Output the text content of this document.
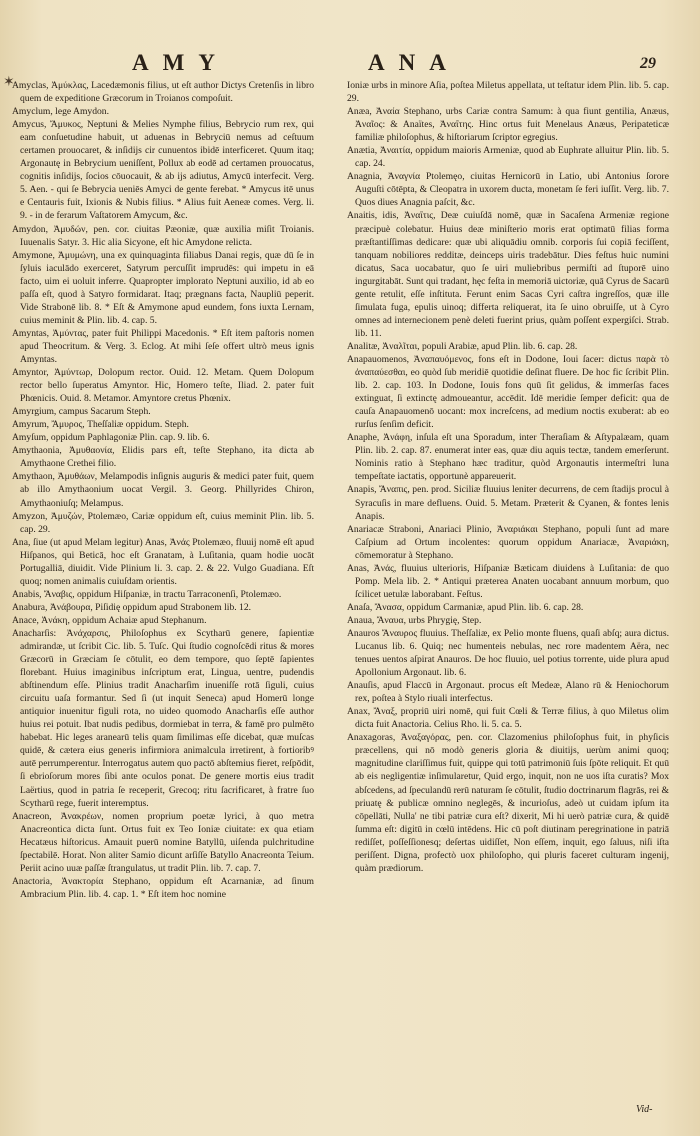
✶
AMY	ANA	29

Amyclas, Ἀμύκλας, Lacedæmonis filius, ut eſt author Dictys Cretenſis in libro quem de expeditione Græcorum in Troianos compoſuit.

Amyclum, lege Amydon.

Amycus, Ἄμυκος, Neptuni & Melies Nymphe filius, Bebrycio rum rex, qui eam conſuetudine habuit, ut aduenas in Bebryciū nemus ad ceſtuum certamen prouocaret, & inſidijs cir cunuentos ibidē interficeret. Quum itaq; Argonautę in Bebrycium ueniſſent, Pollux ab eodē ad certamen prouocatus, cognitis inſidijs, ſocios cōuocauit, & ab ijs adiutus, Amycū interfecit. Verg. 5. Aen. - qui ſe Bebrycia ueniēs Amyci de gente ferebat. * Amycus itē unus e Centauris fuit, Ixionis & Nubis filius. * Alius fuit Aeneæ comes. Verg. li. 9. - in de ferarum Vaſtatorem Amycum, &c.

Amydon, Ἀμυδών, pen. cor. ciuitas Pæoniæ, quæ auxilia miſit Troianis. Iuuenalis Satyr. 3. Hic alia Sicyone, eſt hic Amydone relicta.

Amymone, Ἀμυμώνη, una ex quinquaginta filiabus Danai regis, quæ dū ſe in ſyluis iaculādo exerceret, Satyrum percuſſit imprudēs: qui impetu in eā facto, uim ei uoluit inferre. Quapropter implorato Neptuni auxilio, id ab eo paſſa eſt, quod à Satyro formidarat. Itaq; prægnans facta, Naupliū peperit. Vide Strabonē lib. 8. * Eſt & Amymone apud eundem, fons iuxta Lernam, cuius meminit & Plin. lib. 4. cap. 5.

Amyntas, Ἀμύντας, pater fuit Philippi Macedonis. * Eſt item paſtoris nomen apud Theocritum. & Verg. 3. Eclog. At mihi ſeſe offert ultrò meus ignis Amyntas.

Amyntor, Ἀμύντωρ, Dolopum rector. Ouid. 12. Metam. Quem Dolopum rector bello ſuperatus Amyntor. Hic, Homero teſte, Iliad. 2. pater fuit Phœnicis. Ouid. 8. Metamor. Amyntore cretus Phœnix.

Amyrgium, campus Sacarum Steph.

Amyrum, Ἄμυρος, Theſſaliæ oppidum. Steph.

Amyſum, oppidum Paphlagoniæ Plin. cap. 9. lib. 6.

Amythaonia, Ἀμυθαονία, Elidis pars eſt, teſte Stephano, ita dicta ab Amythaone Crethei filio.

Amythaon, Ἀμυθάων, Melampodis inſignis auguris & medici pater fuit, quem ab illo Amythaonium uocat Vergil. 3. Georg. Phillyrides Chiron, Amythaoniuſq; Melampus.

Amyzon, Ἀμυζών, Ptolemæo, Cariæ oppidum eſt, cuius meminit Plin. lib. 5. cap. 29.

Ana, ſiue (ut apud Melam legitur) Anas, Ἀνάς Ptolemæo, fluuij nomē eſt apud Hiſpanos, qui Beticā, hoc eſt Granatam, à Luſitania, quam hodie uocāt Portugalliā, diuidit. Vide Plinium li. 3. cap. 2. & 22. Vulgo Guadiana. Eſt quoq; nomen animalis cuiuſdam orientis.

Anabis, Ἄναβις, oppidum Hiſpaniæ, in tractu Tarraconenſi, Ptolemæo.

Anabura, Ἀνάβουρα, Piſidię oppidum apud Strabonem lib. 12.

Anace, Ἀνάκη, oppidum Achaiæ apud Stephanum.

Anacharſis: Ἀνάχαρσις, Philoſophus ex Scytharū genere, ſapientiæ admirandæ, ut ſcribit Cic. lib. 5. Tuſc. Qui ſtudio cognoſcēdi ritus & mores Græcorū in Græciam ſe cōtulit, eo dem tempore, quo ſeptē ſapientes florebant. Huius imaginibus inſcriptum erat, Lingua, uentre, pudendis abſtinendum eſſe. Plinius tradit Anacharſim inueniſſe rotā ſiguli, cuius circuitu uaſa formantur. Sed ſi (ut inquit Seneca) apud Homerū longe antiquior inuenitur figuli rota, no uideo quomodo Anacharſis eſſe author huius rei potuit. Ibat nudis pedibus, dormiebat in terra, & famē pro pulmēto habebat. Hic leges aranearū telis quam ſimilimas eſſe dicebat, quæ muſcas quidē, & cætera eius generis infirmiora animalcula irretirent, à fortioribꝰ autē perrumperentur. Interrogatus autem quo pactō abſtemius fieret, reſpōdit, ſi ebrioſorum mores ſibi ante oculos ponat. De genere mortis eius tradit Laërtius, quod in patria ſe receperit, Grecoq; ritu ſacrificaret, à fratre ſuo Scytharū rege, fuerit interemptus.

Anacreon, Ἀνακρέων, nomen proprium poetæ lyrici, à quo metra Anacreontica dicta ſunt. Ortus fuit ex Teo Ioniæ ciuitate: ex qua etiam Hecatæus hiſtoricus. Amauit puerū nomine Batyllū, uiſenda pulchritudine ſpectabilē. Horat. Non aliter Samio dicunt arſiſſe Batyllo Anacreonta Teium. Periit acino uuæ paſſæ ſtrangulatus, ut tradit Plin. lib. 7. cap. 7.

Anactoria, Ἀνακτορία Stephano, oppidum eſt Acarnaniæ, ad ſinum Ambracium Plin. lib. 4. cap. 1. * Eſt item hoc nomine

Ioniæ urbs in minore Aſia, poſtea Miletus appellata, ut teſtatur idem Plin. lib. 5. cap. 29.

Anæa, Ἀναία Stephano, urbs Cariæ contra Samum: à qua fiunt gentilia, Anæus, Ἀναῖος: & Anaïtes, Ἀναΐτης. Hinc ortus fuit Menelaus Anæus, Peripateticæ familiæ philoſophus, & hiſtoriarum ſcriptor egregius.

Anætia, Ἀναιτία, oppidum maioris Armeniæ, quod ab Euphrate alluitur Plin. lib. 5. cap. 24.

Anagnia, Ἀναγνία Ptolemęo, ciuitas Hernicorū in Latio, ubi Antonius ſorore Auguſti cōtēpta, & Cleopatra in uxorem ducta, monetam ſe feri iuſſit. Verg. lib. 7. Quos diues Anagnia paſcit, &c.

Anaitis, idis, Ἀναΐτις, Deæ cuiuſdā nomē, quæ in Sacaſena Armeniæ regione præcipuè colebatur. Huius deæ miniſterio moris erat optimatū filias forma præſtantiſſimas dedicare: quæ ubi aliquādiu omnib. corporis ſui copiā feciſſent, tanquam nobiliores redditæ, deinceps uiris tradebātur. Dies feſtus huic numini dicatus, Saca uocabatur, quo ſe uiri muliebribus permiſti ad ſtuporē uino ingurgitabāt. Sunt qui tradant, hęc feſta in memoriā uictoriæ, quā Cyrus de Sacarū gente retulit, eſſe inſtituta. Ferunt enim Sacas Cyri caſtra ingreſſos, quæ ille ſimulata fuga, epulis uinoq; differta reliquerat, ita ſe uino obruiſſe, ut à Cyro omnes ad internecionem penè deleti fuerint prius, quàm poſſent expergiſci. Strab. lib. 11.

Analitæ, Ἀναλῖται, populi Arabiæ, apud Plin. lib. 6. cap. 28.

Anapauomenos, Ἀναπαυόμενος, fons eſt in Dodone, Ioui ſacer: dictus παρὰ τὸ ἀναπαύεσθαι, eo quòd ſub meridiē quotidie deſinat fluere. De hoc fic ſcribit Plin. lib. 2. cap. 103. In Dodone, Iouis fons quū ſit gelidus, & immerſas faces extinguat, ſi extinctę admoueantur, accēdit. Idē meridie ſemper deficit: qua de cauſa Anapauomenō uocant: mox increſcens, ad medium noctis exuberat: ab eo rurſus ſenſim deficit.

Anaphe, Ἀνάφη, inſula eſt una Sporadum, inter Theraſiam & Aſtypalæam, quam Plin. lib. 2. cap. 87. enumerat inter eas, quæ diu aquis tectæ, tandem emerſerunt. Nominis ratio à Stephano hæc traditur, quòd Argonautis intermeſtri luna tempeſtate iactatis, opportunè appareuerit.

Anapis, Ἄναπις, pen. prod. Siciliæ fluuius leniter decurrens, de cem ſtadijs procul à Syracuſis in mare defluens. Ouid. 5. Metam. Præterit & Cyanen, & fontes lenis Anapis.

Anariacæ Straboni, Anariaci Plinio, Ἀναριάκαι Stephano, populi ſunt ad mare Caſpium ad Ortum incolentes: quorum oppidum Anariacæ, Ἀναριάκη, cōmemoratur à Stephano.

Anas, Ἀνάς, fluuius ulterioris, Hiſpaniæ Bæticam diuidens à Luſitania: de quo Pomp. Mela lib. 2. * Antiqui præterea Anaten uocabant annuum morbum, quo ſcilicet uetulæ laborabant. Feſtus.

Anaſa, Ἄνασα, oppidum Carmaniæ, apud Plin. lib. 6. cap. 28.

Anaua, Ἄναυα, urbs Phrygię, Step.

Anauros Ἄναυρος fluuius. Theſſaliæ, ex Pelio monte fluens, quaſi abſq; aura dictus. Lucanus lib. 6. Quiq; nec humenteis nebulas, nec rore madentem Aëra, nec tenues uentos aſpirat Anauros. De hoc fluuio, uel potius torrente, uide plura apud Apollonium Argonaut. lib. 6.

Anauſis, apud Flaccū in Argonaut. procus eſt Medeæ, Alano rū & Heniochorum rex, poſtea à Stylo riuali interfectus.

Anax, Ἄναξ, propriū uiri nomē, qui fuit Cœli & Terræ filius, à quo Miletus olim dicta fuit Anactoria. Celius Rho. li. 5. ca. 5.

Anaxagoras, Ἀναξαγόρας, pen. cor. Clazomenius philoſophus fuit, in phyſicis præcellens, qui nō modò generis gloria & diuitijs, uerùm animi quoq; magnitudine clariſſimus fuit, quippe qui totū patrimoniū ſuis ſpōte reliquit. Et quū ab eis negligentiæ inſimularetur, Quid ergo, inquit, non ne uos iſta curatis? Mox abſcedens, ad ſpeculandū rerū naturam ſe cōtulit, ſtudio doctrinarum flagrās, rei & priuatę & publicæ omnino neglegēs, & incurioſus, adeò ut cuidam ipſum ita cōpellāti, Nulla' ne tibi patriæ cura eſt? dixerit, Mi hi uerò patriæ cura, & quidē ſumma eſt: digitū in cœlū intēdens. Hic cū poſt diutinam peregrinatione in patriā rediſſet, poſſeſſionesq; deſertas uidiſſet, Non eſſem, inquit, ego ſaluus, niſi iſta periſſent. Digna, profectò uox philoſopho, qui pluris faceret culturam ingenij, quàm prædiorum.

Vid-
